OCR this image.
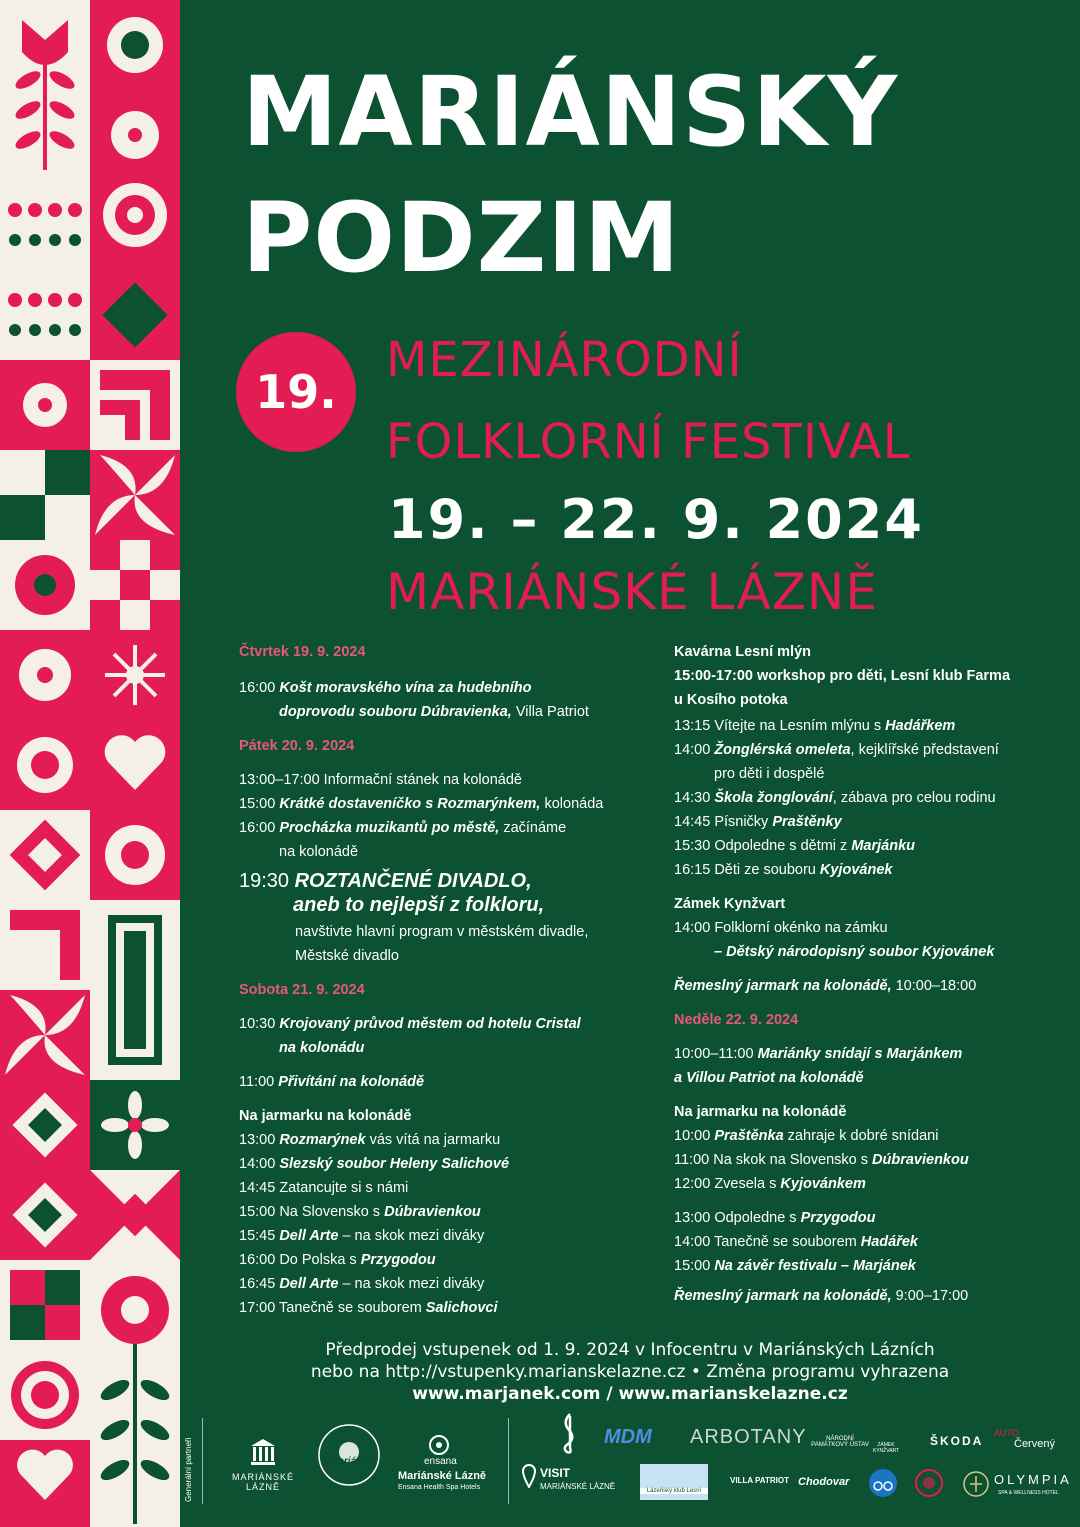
MARIÁNSKÝ
PODZIM
19.
MEZINÁRODNÍ
FOLKLORNÍ FESTIVAL
19. – 22. 9. 2024
MARIÁNSKÉ LÁZNĚ
Čtvrtek 19. 9. 2024
16:00 Košt moravského vína za hudebního
doprovodu souboru Dúbravienka, Villa Patriot
Pátek 20. 9. 2024
13:00–17:00 Informační stánek na kolonádě
15:00 Krátké dostaveníčko s Rozmarýnkem, kolonáda
16:00 Procházka muzikantů po městě, začínáme
na kolonádě
19:30 ROZTANČENÉ DIVADLO,
aneb to nejlepší z folkloru,
navštivte hlavní program v městském divadle,
Městské divadlo
Sobota 21. 9. 2024
10:30 Krojovaný průvod městem od hotelu Cristal
na kolonádu
11:00 Přivítání na kolonádě
Na jarmarku na kolonádě
13:00 Rozmarýnek vás vítá na jarmarku
14:00 Slezský soubor Heleny Salichové
14:45 Zatancujte si s námi
15:00 Na Slovensko s Dúbravienkou
15:45 Dell Arte – na skok mezi diváky
16:00 Do Polska s Przygodou
16:45 Dell Arte – na skok mezi diváky
17:00 Tanečně se souborem Salichovci
Kavárna Lesní mlýn
15:00-17:00 workshop pro děti, Lesní klub Farma
u Kosího potoka
13:15 Vítejte na Lesním mlýnu s Hadářkem
14:00 Žonglérská omeleta, kejklířské představení
pro děti i dospělé
14:30 Škola žonglování, zábava pro celou rodinu
14:45 Písničky Praštěnky
15:30 Odpoledne s dětmi z Marjánku
16:15 Děti ze souboru Kyjovánek
Zámek Kynžvart
14:00 Folklorní okénko na zámku
– Dětský národopisný soubor Kyjovánek
Řemeslný jarmark na kolonádě, 10:00–18:00
Neděle 22. 9. 2024
10:00–11:00 Mariánky snídají s Marjánkem
a Villou Patriot na kolonádě
Na jarmarku na kolonádě
10:00 Praštěnka zahraje k dobré snídani
11:00 Na skok na Slovensko s Dúbravienkou
12:00 Zvesela s Kyjovánkem
13:00 Odpoledne s Przygodou
14:00 Tanečně se souborem Hadářek
15:00 Na závěr festivalu – Marjánek
Řemeslný jarmark na kolonádě, 9:00–17:00
Předprodej vstupenek od 1. 9. 2024 v Infocentru v Mariánských Lázních
nebo na http://vstupenky.marianskelazne.cz • Změna programu vyhrazena
www.marjanek.com / www.marianskelazne.cz
Generální partneři	MARIÁNSKÉ LÁZNĚ
Marjánek	ensana
Mariánské Lázně
Ensana Health Spa Hotels
VISIT
MARIÁNSKÉ LÁZNĚ
MDM ARBOTANY	NÁRODNÍ PAMÁTKOVÝ ÚSTAV	ZÁMEK KYNŽVART
ŠKODA
AUTO
Červený
Lázeňský klub Lesní
VILLA PATRIOT Chodovar	OLYMPIA
SPA & WELLNESS HOTEL
